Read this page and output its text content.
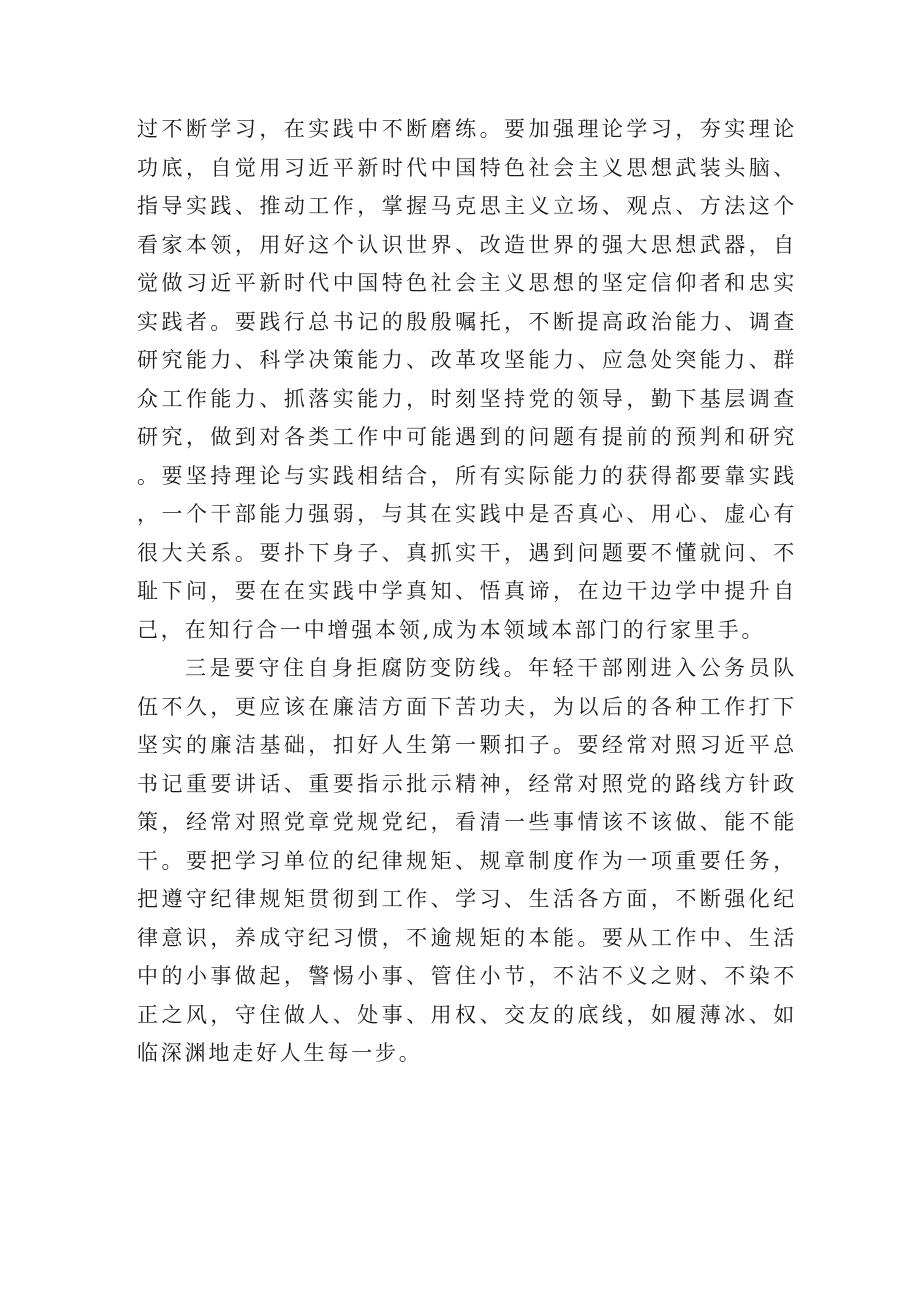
过不断学习，在实践中不断磨练。要加强理论学习，夯实理论功底，自觉用习近平新时代中国特色社会主义思想武装头脑、指导实践、推动工作，掌握马克思主义立场、观点、方法这个看家本领，用好这个认识世界、改造世界的强大思想武器，自觉做习近平新时代中国特色社会主义思想的坚定信仰者和忠实实践者。要践行总书记的殷殷嘱托，不断提高政治能力、调查研究能力、科学决策能力、改革攻坚能力、应急处突能力、群众工作能力、抓落实能力，时刻坚持党的领导，勤下基层调查研究，做到对各类工作中可能遇到的问题有提前的预判和研究。要坚持理论与实践相结合，所有实际能力的获得都要靠实践，一个干部能力强弱，与其在实践中是否真心、用心、虚心有很大关系。要扑下身子、真抓实干，遇到问题要不懂就问、不耻下问，要在在实践中学真知、悟真谛，在边干边学中提升自己，在知行合一中增强本领,成为本领域本部门的行家里手。

三是要守住自身拒腐防变防线。年轻干部刚进入公务员队伍不久，更应该在廉洁方面下苦功夫，为以后的各种工作打下坚实的廉洁基础，扣好人生第一颗扣子。要经常对照习近平总书记重要讲话、重要指示批示精神，经常对照党的路线方针政策，经常对照党章党规党纪，看清一些事情该不该做、能不能干。要把学习单位的纪律规矩、规章制度作为一项重要任务，把遵守纪律规矩贯彻到工作、学习、生活各方面，不断强化纪律意识，养成守纪习惯，不逾规矩的本能。要从工作中、生活中的小事做起，警惕小事、管住小节，不沾不义之财、不染不正之风，守住做人、处事、用权、交友的底线，如履薄冰、如临深渊地走好人生每一步。
